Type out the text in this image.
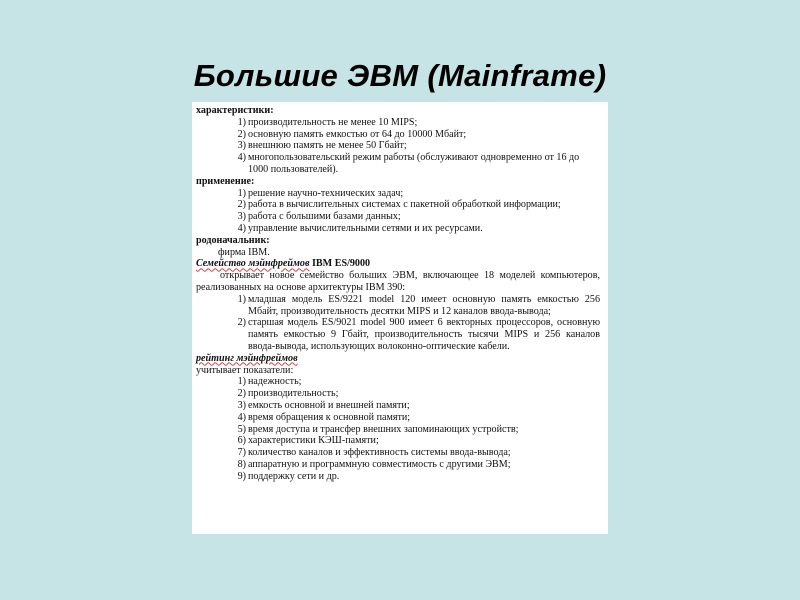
Большие ЭВМ (Mainframe)
характеристики:
1) производительность не менее 10 MIPS;
2) основную память емкостью от 64 до 10000 Мбайт;
3) внешнюю память не менее 50 Гбайт;
4) многопользовательский режим работы (обслуживают одновременно от 16 до 1000 пользователей).
применение:
1) решение научно-технических задач;
2) работа в вычислительных системах с пакетной обработкой информации;
3) работа с большими базами данных;
4) управление вычислительными сетями и их ресурсами.
родоначальник:
фирма IBM.
Семейство мэйнфреймов IBM ES/9000
открывает новое семейство больших ЭВМ, включающее 18 моделей компьютеров, реализованных на основе архитектуры IBM 390:
1) младшая модель ES/9221 model 120 имеет основную память емкостью 256 Мбайт, производительность десятки MIPS и 12 каналов ввода-вывода;
2) старшая модель ES/9021 model 900 имеет 6 векторных процессоров, основную память емкостью 9 Гбайт, производительность тысячи MIPS и 256 каналов ввода-вывода, использующих волоконно-оптические кабели.
рейтинг мэйнфреймов
учитывает показатели:
1) надежность;
2) производительность;
3) емкость основной и внешней памяти;
4) время обращения к основной памяти;
5) время доступа и трансфер внешних запоминающих устройств;
6) характеристики КЭШ-памяти;
7) количество каналов и эффективность системы ввода-вывода;
8) аппаратную и программную совместимость с другими ЭВМ;
9) поддержку сети и др.
